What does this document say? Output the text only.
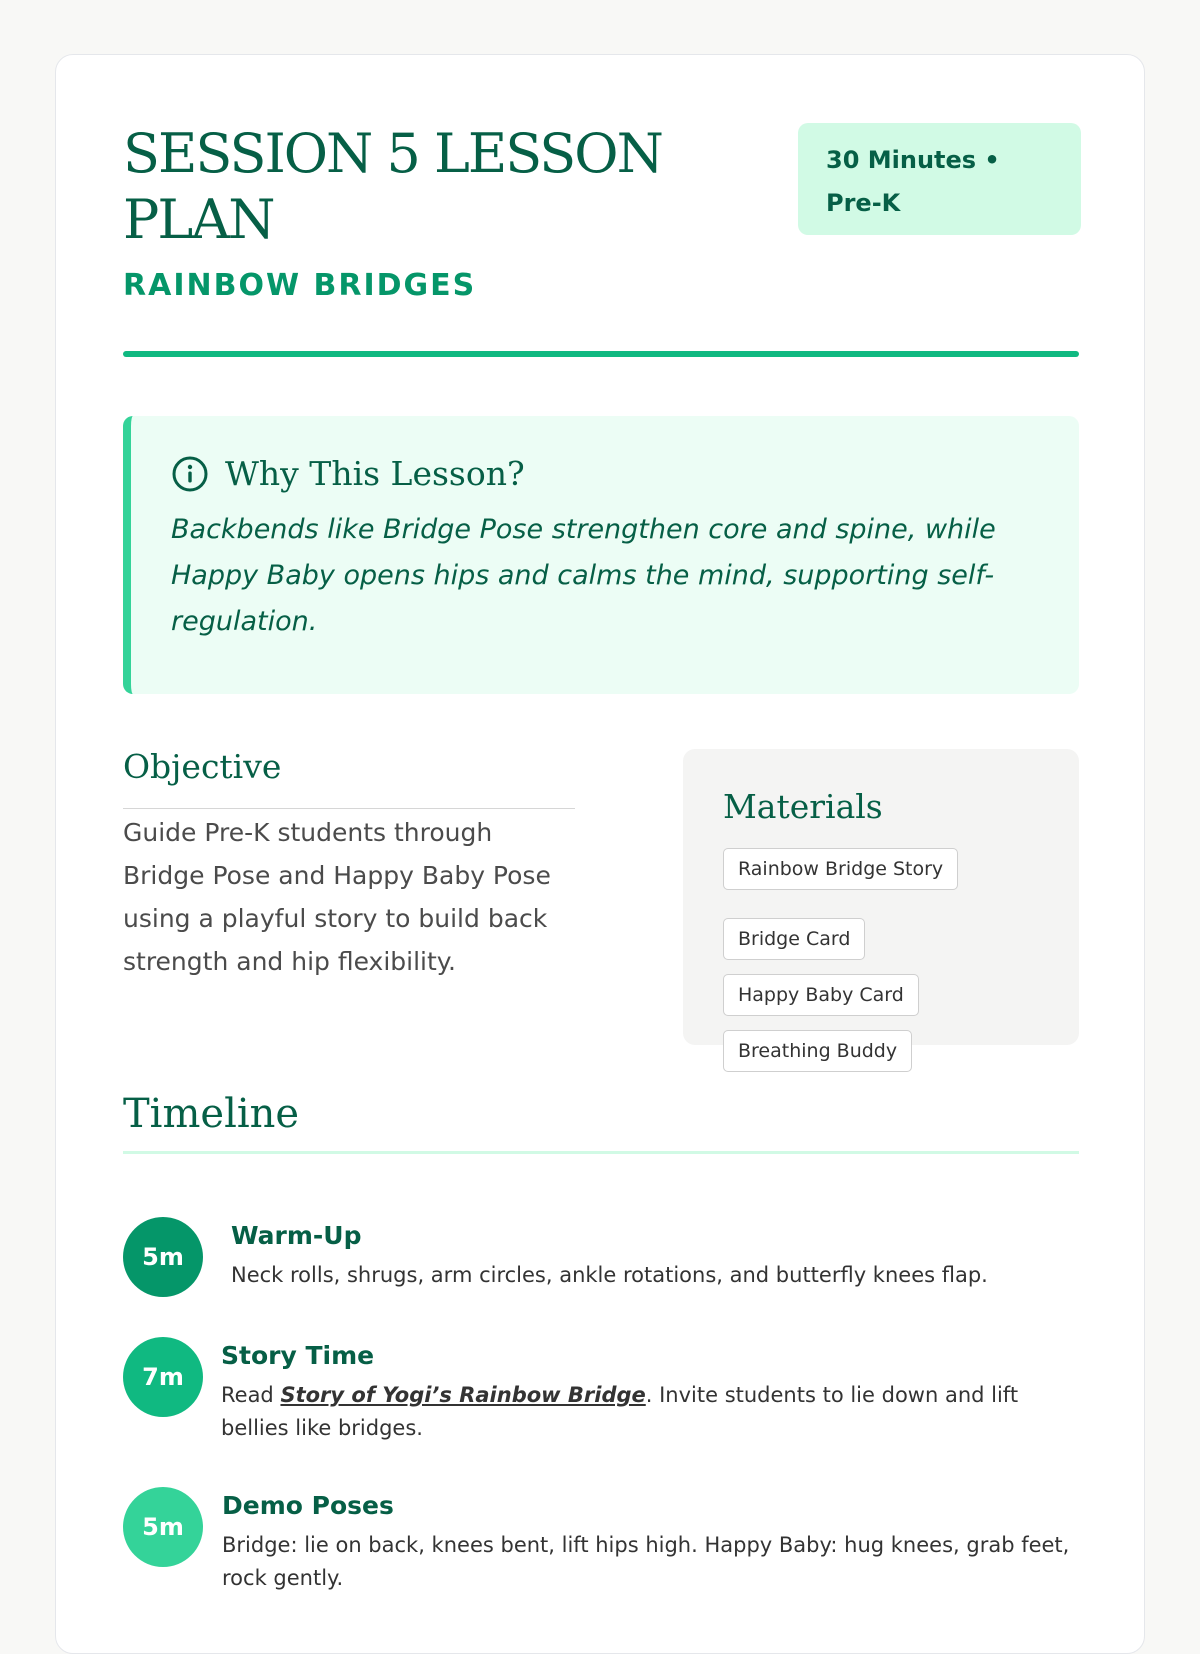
SESSION 5 LESSON PLAN
RAINBOW BRIDGES
30 Minutes • Pre-K
Why This Lesson?
Backbends like Bridge Pose strengthen core and spine, while Happy Baby opens hips and calms the mind, supporting self-regulation.
Objective
Guide Pre-K students through Bridge Pose and Happy Baby Pose using a playful story to build back strength and hip flexibility.
Materials
Rainbow Bridge Story
Bridge Card
Happy Baby Card
Breathing Buddy
Timeline
5m
Warm-Up
Neck rolls, shrugs, arm circles, ankle rotations, and butterfly knees flap.
7m
Story Time
Read Story of Yogi’s Rainbow Bridge. Invite students to lie down and lift bellies like bridges.
5m
Demo Poses
Bridge: lie on back, knees bent, lift hips high. Happy Baby: hug knees, grab feet, rock gently.
